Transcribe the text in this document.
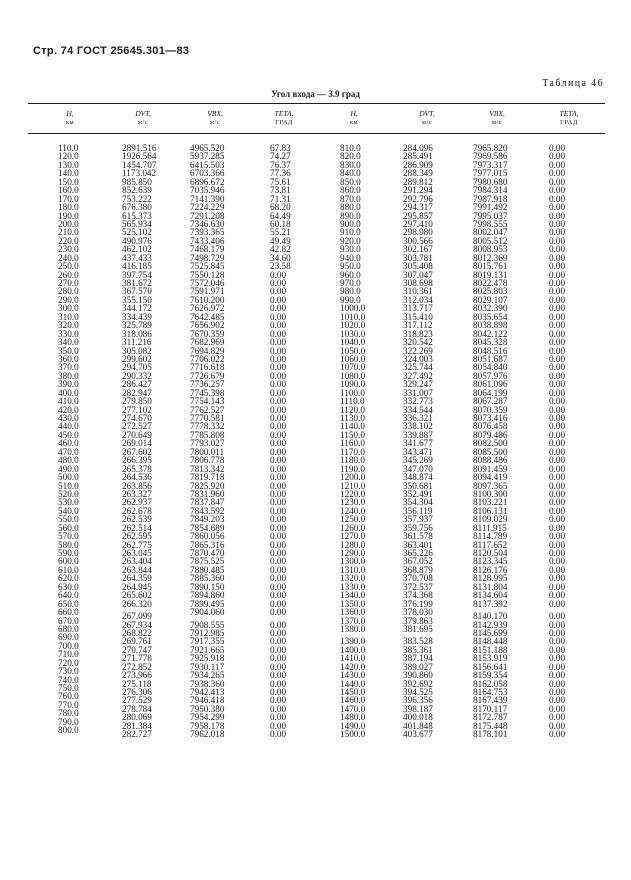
Стр. 74 ГОСТ 25645.301—83
Таблица 46
Угол входа — 3.9 град
Н,
км
DVT,
м/с
VBX,
м/с
ТЕТА,
ГРАД
Н,
км
DVT,
м/с
VBX,
м/с
ТЕТА,
ГРАД
110.0
120.0
130.0
140.0
150.0
160.0
170.0
180.0
190.0
200.0
210.0
220.0
230.0
240.0
250.0
260.0
270.0
280.0
290.0
300.0
310.0
320.0
330.0
340.0
350.0
360.0
370.0
380.0
390.0
400.0
410.0
420.0
430.0
440.0
450.0
460.0
470.0
480.0
490.0
500.0
510.0
520.0
530.0
540.0
550.0
560.0
570.0
580.0
590.0
600.0
610.0
620.0
630.0
640.0
650.0
660.0
670.0
680.0
690.0
700.0
710.0
720.0
730.0
740.0
750.0
760.0
770.0
780.0
790.0
800.0
2891.516
1926.564
1454.707
1173.042
985.850
852.639
753.222
676.380
615.373
565.934
525.102
490.976
462.102
437.433
416.185
397.754
381.672
367.570
355.150
344.172
334.439
325.789
318.086
311.216
305.082
299.602
294.705
290.332
286.427
282.947
279.850
277.102
274.670
272.527
270.649
269.014
267.602
266.395
265.378
264.536
263.856
263.327
262.937
262.678
262.539
262.514
262.595
262.775
263.045
263.404
263.844
264.359
264.945
265.602
266.320
267.099
267.934
268.822
269.761
270.747
271.778
272.852
273.966
275.118
276.306
277.529
278.784
280.069
281.384
282.727
4965.520
5937.285
6415.503
6703.366
6896.672
7035.946
7141.390
7224.229
7291.208
7346.630
7393.365
7433.406
7468.179
7498.729
7525.845
7550.128
7572.046
7591.971
7610.200
7626.972
7642.485
7656.902
7670.359
7682.969
7694.829
7706.022
7716.618
7726.679
7736.257
7745.398
7754.143
7762.527
7770.581
7778.332
7785.808
7793.027
7800.011
7806.778
7813.342
7819.718
7825.920
7831.960
7837.847
7843.592
7849.203
7854.689
7860.056
7865.316
7870.470
7875.525
7880.485
7885.360
7890.150
7894.860
7899.495
7904.060
7908.555
7912.985
7917.355
7921.665
7925.918
7930.117
7934.265
7938.360
7942.413
7946.418
7950.380
7954.299
7958.178
7962.018
67.83
74.27
76.37
77.36
75.61
73.81
71.31
68.20
64.49
60.18
55.21
49.49
42.82
34.60
23.58
0.00
0.00
0.00
0.00
0.00
0.00
0.00
0.00
0.00
0.00
0.00
0.00
0.00
0.00
0.00
0.00
0.00
0.00
0.00
0.00
0.00
0.00
0.00
0.00
0.00
0.00
0.00
0.00
0.00
0.00
0.00
0.00
0.00
0.00
0.00
0.00
0.00
0.00
0.00
0.00
0.00
0.00
0.00
0.00
0.00
0.00
0.00
0.00
0.00
0.00
0.00
0.00
0.00
0.00
0.00
810.0
820.0
830.0
840.0
850.0
860.0
870.0
880.0
890.0
900.0
910.0
920.0
930.0
940.0
950.0
960.0
970.0
980.0
990.0
1000.0
1010.0
1020.0
1030.0
1040.0
1050.0
1060.0
1070.0
1080.0
1090.0
1100.0
1110.0
1120.0
1130.0
1140.0
1150.0
1160.0
1170.0
1180.0
1190.0
1200.0
1210.0
1220.0
1230.0
1240.0
1250.0
1260.0
1270.0
1280.0
1290.0
1300.0
1310.0
1320.0
1330.0
1340.0
1350.0
1360.0
1370.0
1380.0
1390.0
1400.0
1410.0
1420.0
1430.0
1440.0
1450.0
1460.0
1470.0
1480.0
1490.0
1500.0
284.096
285.491
286.909
288.349
289.812
291.294
292.796
294.317
295.857
297.410
298.980
300.566
302.167
303.781
305.408
307.047
308.698
310.361
312.034
313.717
315.410
317.112
318.823
320.542
322.269
324.003
325.744
327.492
329.247
331.007
332.773
334.544
336.321
338.102
339.887
341.677
343.471
345.269
347.070
348.874
350.681
352.491
354.304
356.119
357.937
359.756
361.578
363.401
365.226
367.052
368.879
370.708
372.537
374.368
376.199
378.030
379.863
381.695
383.528
385.361
387.194
389.027
390.860
392.692
394.525
396.356
398.187
400.018
401.848
403.677
7965.820
7969.586
7973.317
7977.015
7980.680
7984.314
7987.918
7991.492
7995.037
7998.555
8002.047
8005.512
8008.953
8012.369
8015.761
8019.131
8022.478
8025.803
8029.107
8032.390
8035.654
8038.898
8042.122
8045.328
8048.516
8051.687
8054.840
8057.976
8061.096
8064.199
8067.287
8070.359
8073.416
8076.458
8079.486
8082.500
8085.500
8088.486
8091.459
8094.419
8097.365
8100.300
8103.221
8106.131
8109.029
8111.915
8114.789
8117.652
8120.504
8123.345
8126.176
8128.995
8131.804
8134.604
8137.392
8140.170
8142.939
8145.699
8148.448
8151.188
8153.919
8156.641
8159.354
8162.058
8164.753
8167.439
8170.117
8172.787
8175.448
8178.101
0.00
0.00
0.00
0.00
0.00
0.00
0.00
0.00
0.00
0.00
0.00
0.00
0.00
0.00
0.00
0.00
0.00
0.00
0.00
0.00
0.00
0.00
0.00
0.00
0.00
0.00
0.00
0.00
0.00
0.00
0.00
0.00
0.00
0.00
0.00
0.00
0.00
0.00
0.00
0.00
0.00
0.00
0.00
0.00
0.00
0.00
0.00
0.00
0.00
0.00
0.00
0.00
0.00
0.00
0.00
0.00
0.00
0.00
0.00
0.00
0.00
0.00
0.00
0.00
0.00
0.00
0.00
0.00
0.00
0.00
